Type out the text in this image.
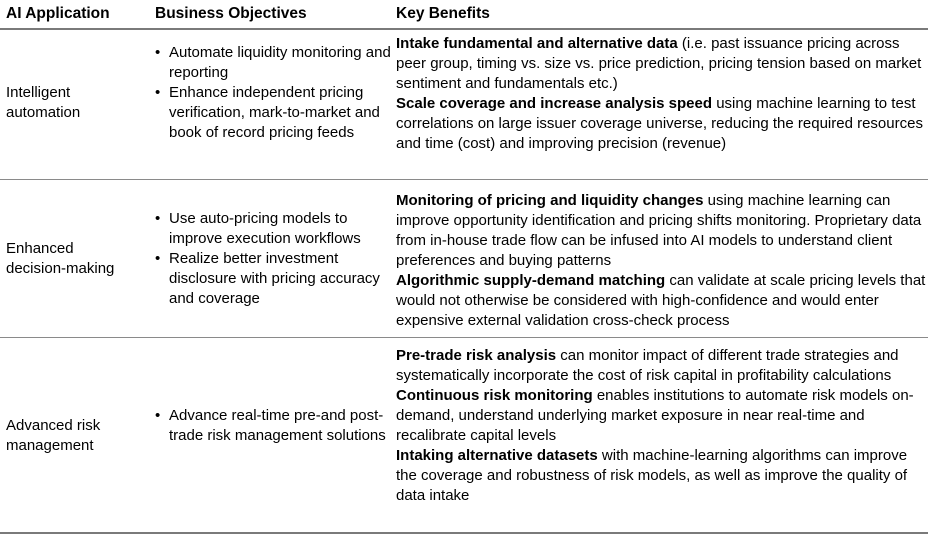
AI Application	Business Objectives	Key Benefits
Intelligent
automation
• Automate liquidity monitoring and reporting
• Enhance independent pricing verification, mark-to-market and book of record pricing feeds

Intake fundamental and alternative data (i.e. past issuance pricing across peer group, timing vs. size vs. price prediction, pricing tension based on market sentiment and fundamentals etc.)

Scale coverage and increase analysis speed using machine learning to test correlations on large issuer coverage universe, reducing the required resources and time (cost) and improving precision (revenue)

Enhanced
decision-making
• Use auto-pricing models to improve execution workflows
• Realize better investment disclosure with pricing accuracy and coverage

Monitoring of pricing and liquidity changes using machine learning can improve opportunity identification and pricing shifts monitoring. Proprietary data from in-house trade flow can be infused into AI models to understand client preferences and buying patterns

Algorithmic supply-demand matching can validate at scale pricing levels that would not otherwise be considered with high-confidence and would enter expensive external validation cross-check process

Advanced risk
management
• Advance real-time pre-and post-trade risk management solutions

Pre-trade risk analysis can monitor impact of different trade strategies and systematically incorporate the cost of risk capital in profitability calculations

Continuous risk monitoring enables institutions to automate risk models on-demand, understand underlying market exposure in near real-time and recalibrate capital levels

Intaking alternative datasets with machine-learning algorithms can improve the coverage and robustness of risk models, as well as improve the quality of data intake
